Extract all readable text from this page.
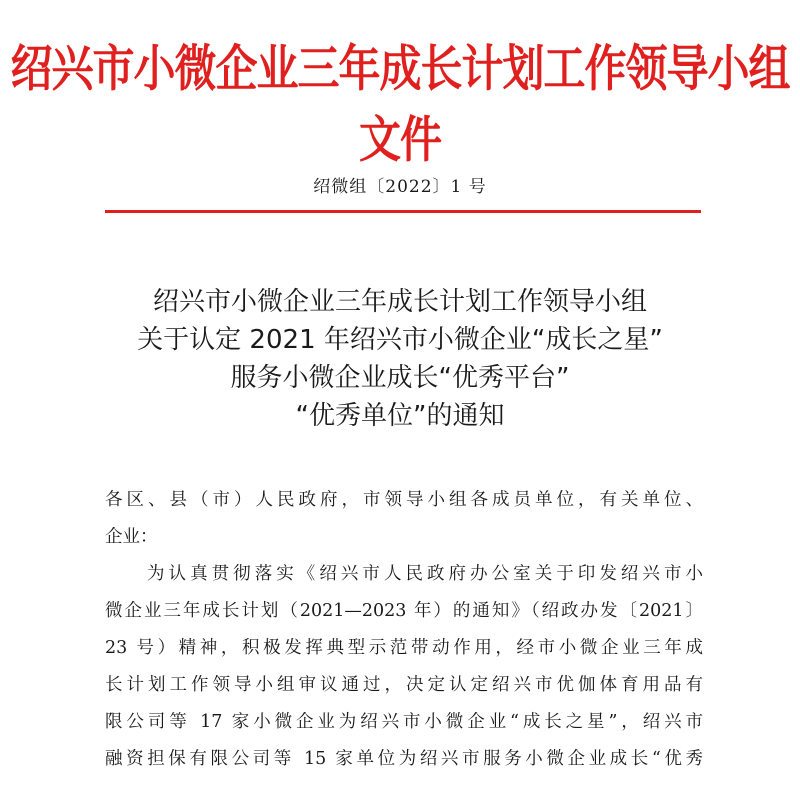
绍兴市小微企业三年成长计划工作领导小组文件
绍微组〔2022〕1 号
绍兴市小微企业三年成长计划工作领导小组
关于认定 2021 年绍兴市小微企业“成长之星”
服务小微企业成长“优秀平台”
“优秀单位”的通知
各区、县（市）人民政府，市领导小组各成员单位，有关单位、
企业：
为认真贯彻落实《绍兴市人民政府办公室关于印发绍兴市小
微企业三年成长计划（2021—2023 年）的通知》（绍政办发〔2021〕
23 号）精神，积极发挥典型示范带动作用，经市小微企业三年成
长计划工作领导小组审议通过，决定认定绍兴市优伽体育用品有
限公司等 17 家小微企业为绍兴市小微企业“成长之星”，绍兴市
融资担保有限公司等 15 家单位为绍兴市服务小微企业成长“优秀
